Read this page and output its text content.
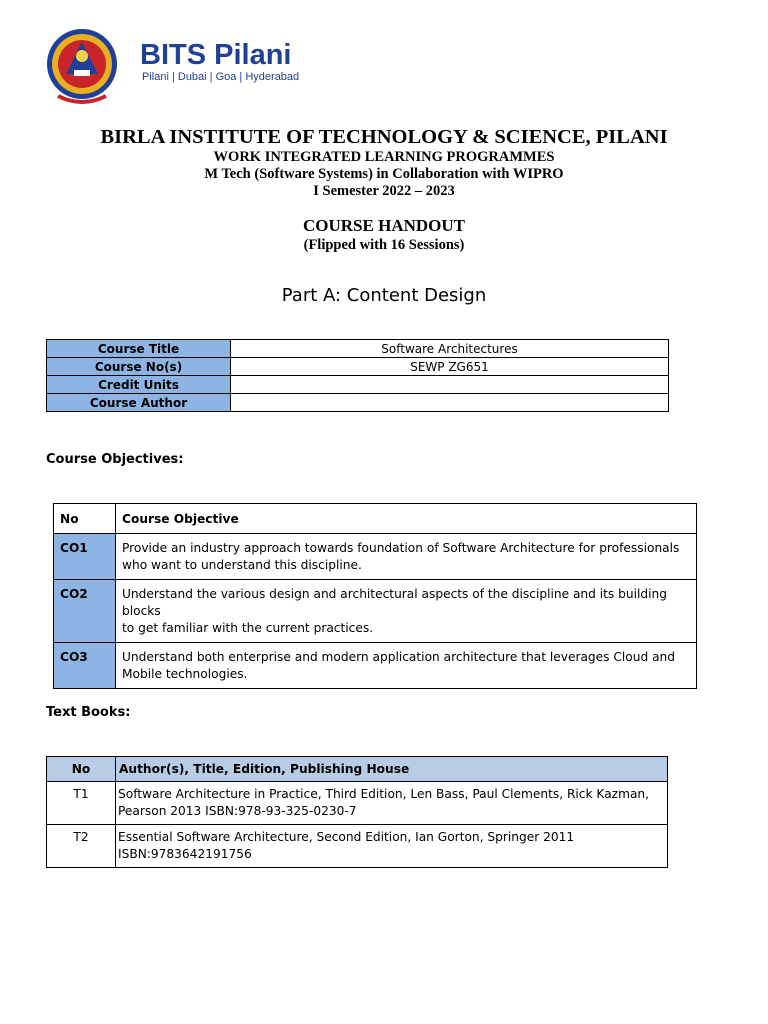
BITS Pilani
Pilani | Dubai | Goa | Hyderabad
BIRLA INSTITUTE OF TECHNOLOGY & SCIENCE, PILANI
WORK INTEGRATED LEARNING PROGRAMMES
M Tech (Software Systems) in Collaboration with WIPRO
I Semester 2022 – 2023
COURSE HANDOUT
(Flipped with 16 Sessions)
Part A: Content Design
Course Title	Software Architectures
Course No(s)	SEWP ZG651
Credit Units	
Course Author	
Course Objectives:
No	Course Objective
CO1	Provide an industry approach towards foundation of Software Architecture for professionals
who want to understand this discipline.

CO2	Understand the various design and architectural aspects of the discipline and its building blocks
to get familiar with the current practices.

CO3	Understand both enterprise and modern application architecture that leverages Cloud and
Mobile technologies.
Text Books:
No	Author(s), Title, Edition, Publishing House
T1	Software Architecture in Practice, Third Edition, Len Bass, Paul Clements, Rick Kazman,
Pearson 2013 ISBN:978-93-325-0230-7

T2	Essential Software Architecture, Second Edition, Ian Gorton, Springer 2011
ISBN:9783642191756
